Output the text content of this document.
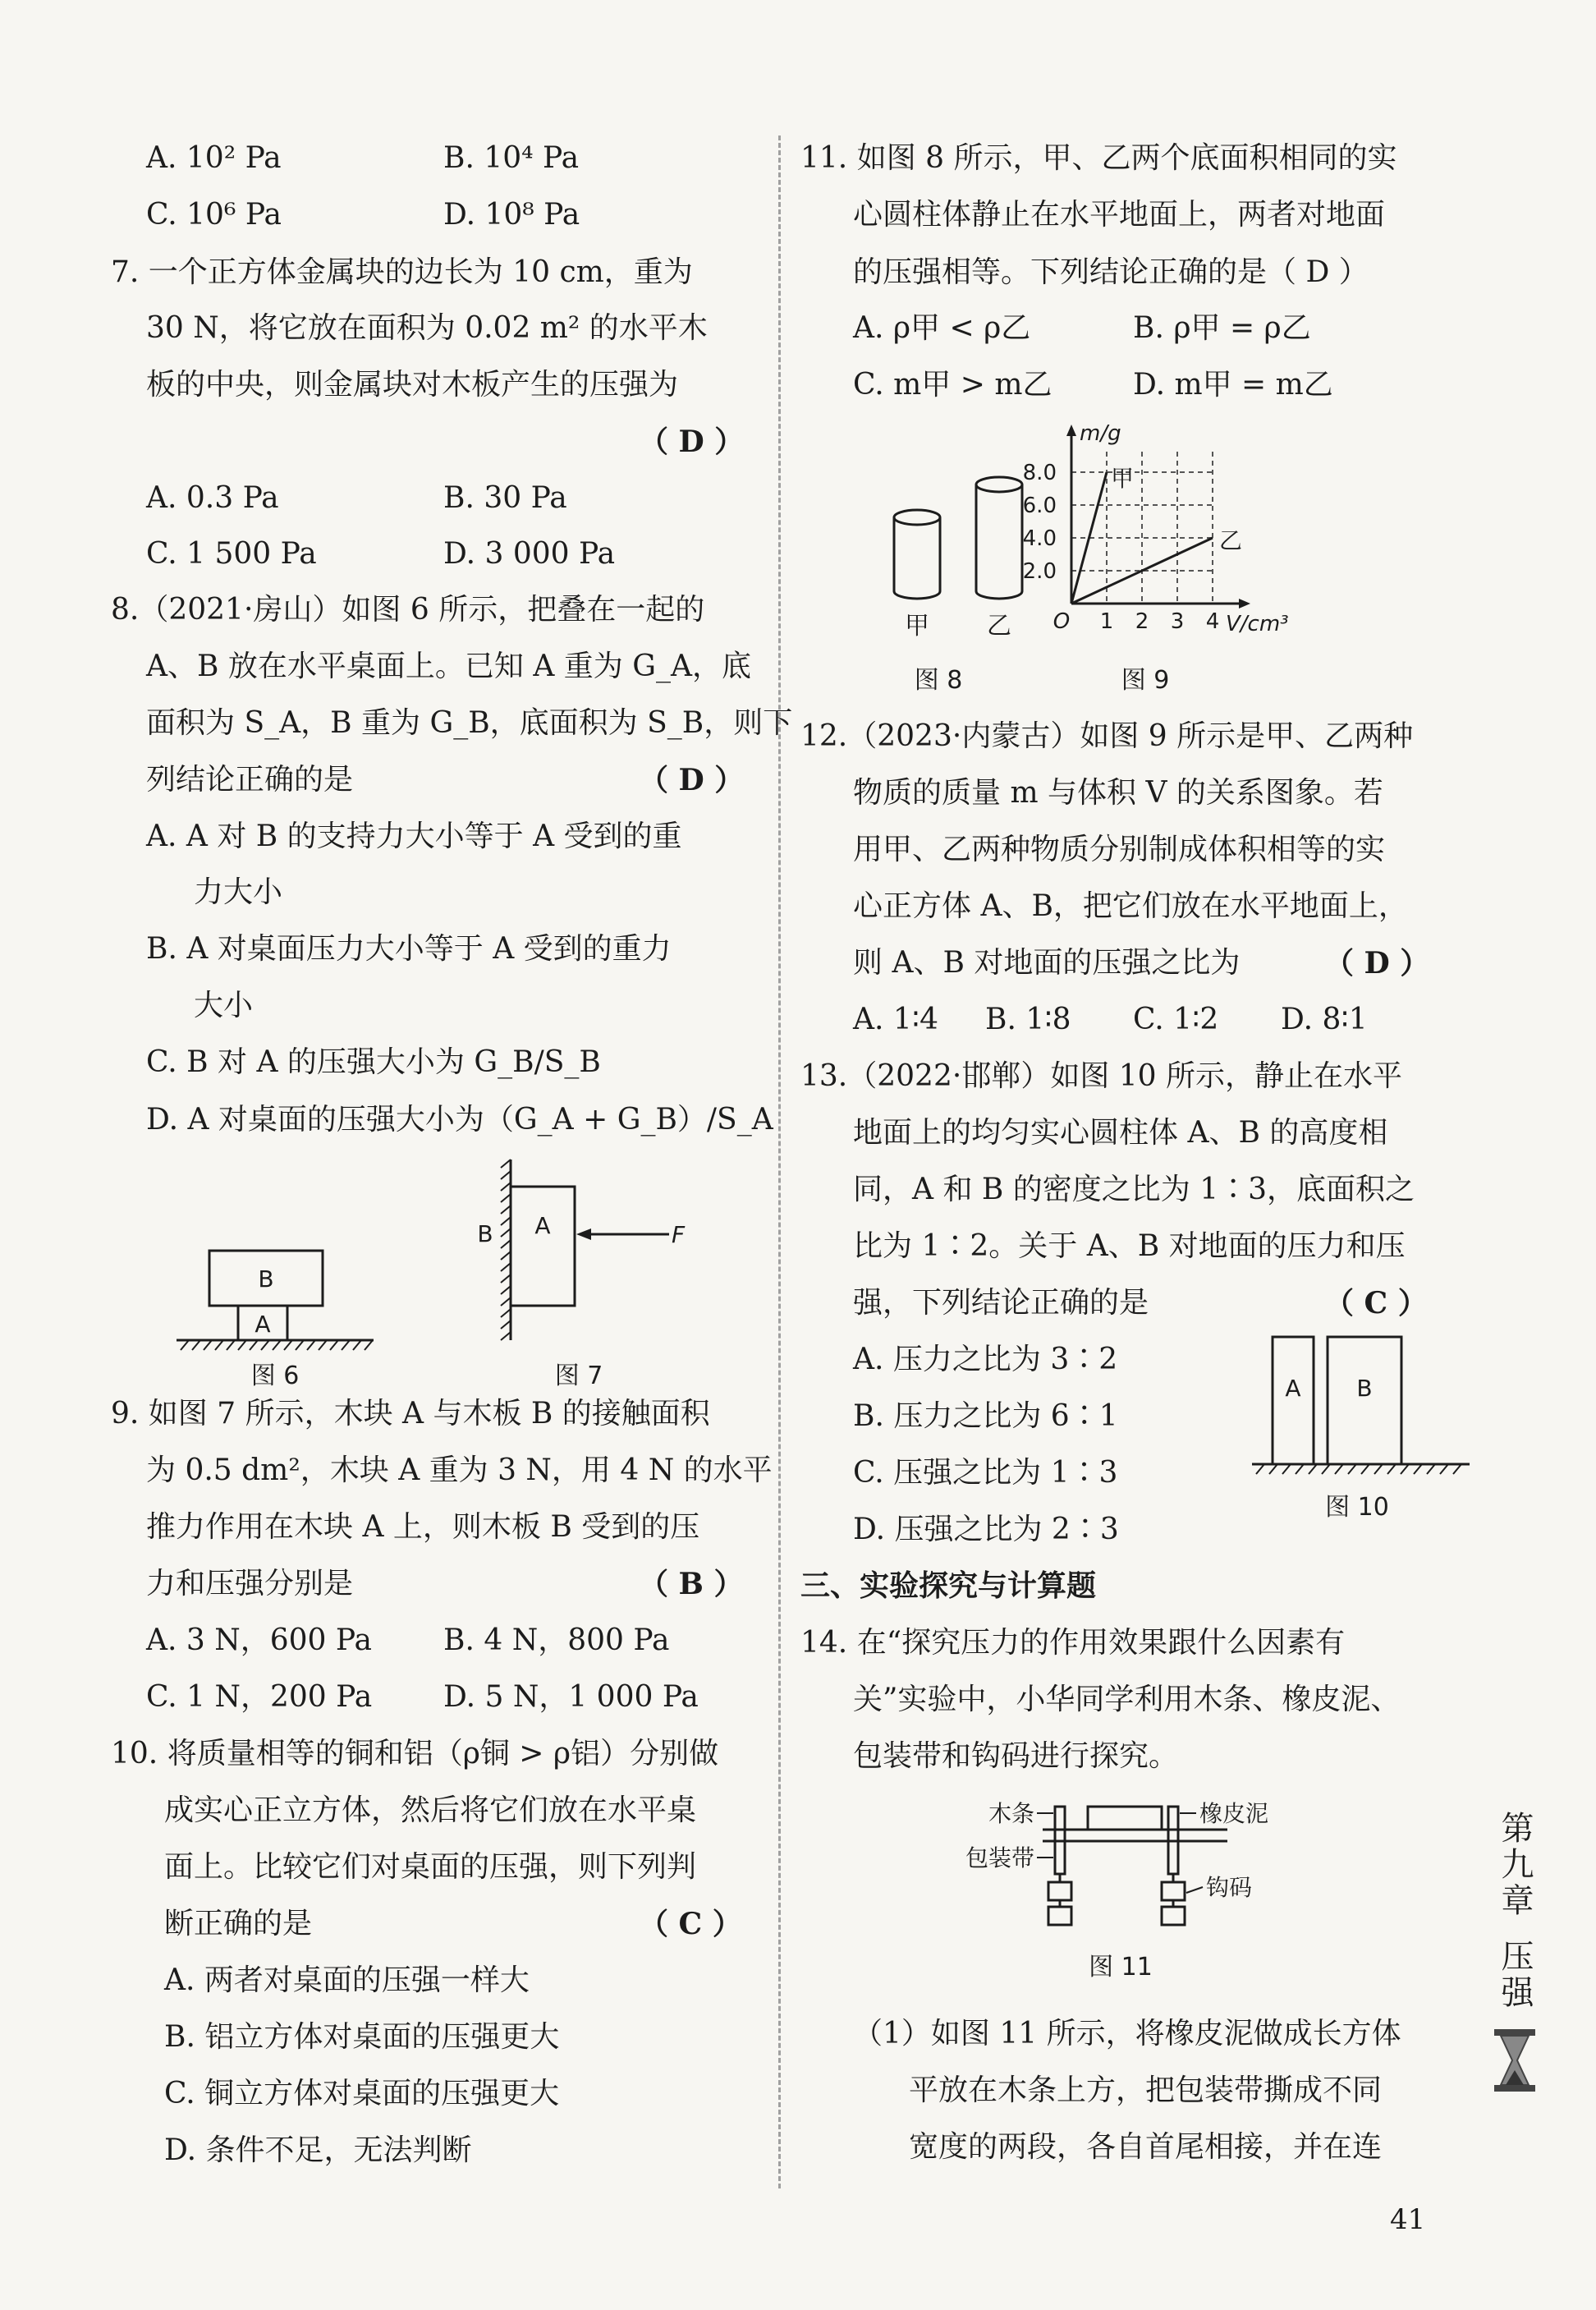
A. 10² Pa	B. 10⁴ Pa
C. 10⁶ Pa	D. 10⁸ Pa
7. 一个正方体金属块的边长为 10 cm，重为
30 N，将它放在面积为 0.02 m² 的水平木
板的中央，则金属块对木板产生的压强为
（ D ）
A. 0.3 Pa	B. 30 Pa
C. 1 500 Pa	D. 3 000 Pa
8.（2021·房山）如图 6 所示，把叠在一起的
A、B 放在水平桌面上。已知 A 重为 G_A，底
面积为 S_A，B 重为 G_B，底面积为 S_B，则下
列结论正确的是	（ D ）
A. A 对 B 的支持力大小等于 A 受到的重
力大小
B. A 对桌面压力大小等于 A 受到的重力
大小
C. B 对 A 的压强大小为 G_B/S_B
D. A 对桌面的压强大小为（G_A + G_B）/S_A
A
B
图 6
B A	F
图 7
9. 如图 7 所示，木块 A 与木板 B 的接触面积
为 0.5 dm²，木块 A 重为 3 N，用 4 N 的水平
推力作用在木块 A 上，则木板 B 受到的压
力和压强分别是	（ B ）
A. 3 N，600 Pa B. 4 N，800 Pa
C. 1 N，200 Pa D. 5 N，1 000 Pa
10. 将质量相等的铜和铝（ρ铜 > ρ铝）分别做
成实心正立方体，然后将它们放在水平桌
面上。比较它们对桌面的压强，则下列判
断正确的是	（ C ）
A. 两者对桌面的压强一样大
B. 铝立方体对桌面的压强更大
C. 铜立方体对桌面的压强更大
D. 条件不足，无法判断
11. 如图 8 所示，甲、乙两个底面积相同的实
心圆柱体静止在水平地面上，两者对地面
的压强相等。下列结论正确的是（ D ）
A. ρ甲 < ρ乙	B. ρ甲 = ρ乙
C. m甲 > m乙	D. m甲 = m乙
甲 乙
图 8
2.0
4.0
6.0
8.0
1 2 3 4
O
m/g
V/cm³
甲
乙
图 9
12.（2023·内蒙古）如图 9 所示是甲、乙两种
物质的质量 m 与体积 V 的关系图象。若
用甲、乙两种物质分别制成体积相等的实
心正方体 A、B，把它们放在水平地面上，
则 A、B 对地面的压强之比为	（ D ）
A. 1∶4 B. 1∶8 C. 1∶2 D. 8∶1
13.（2022·邯郸）如图 10 所示，静止在水平
地面上的均匀实心圆柱体 A、B 的高度相
同，A 和 B 的密度之比为 1∶3，底面积之
比为 1∶2。关于 A、B 对地面的压力和压
强，下列结论正确的是	（ C ）
A. 压力之比为 3∶2
B. 压力之比为 6∶1
C. 压强之比为 1∶3
D. 压强之比为 2∶3
A B
图 10
三、实验探究与计算题
14. 在“探究压力的作用效果跟什么因素有
关”实验中，小华同学利用木条、橡皮泥、
包装带和钩码进行探究。
木条	橡皮泥
包装带
钩码
图 11
（1）如图 11 所示，将橡皮泥做成长方体
平放在木条上方，把包装带撕成不同
宽度的两段，各自首尾相接，并在连
第九章
压强
41
